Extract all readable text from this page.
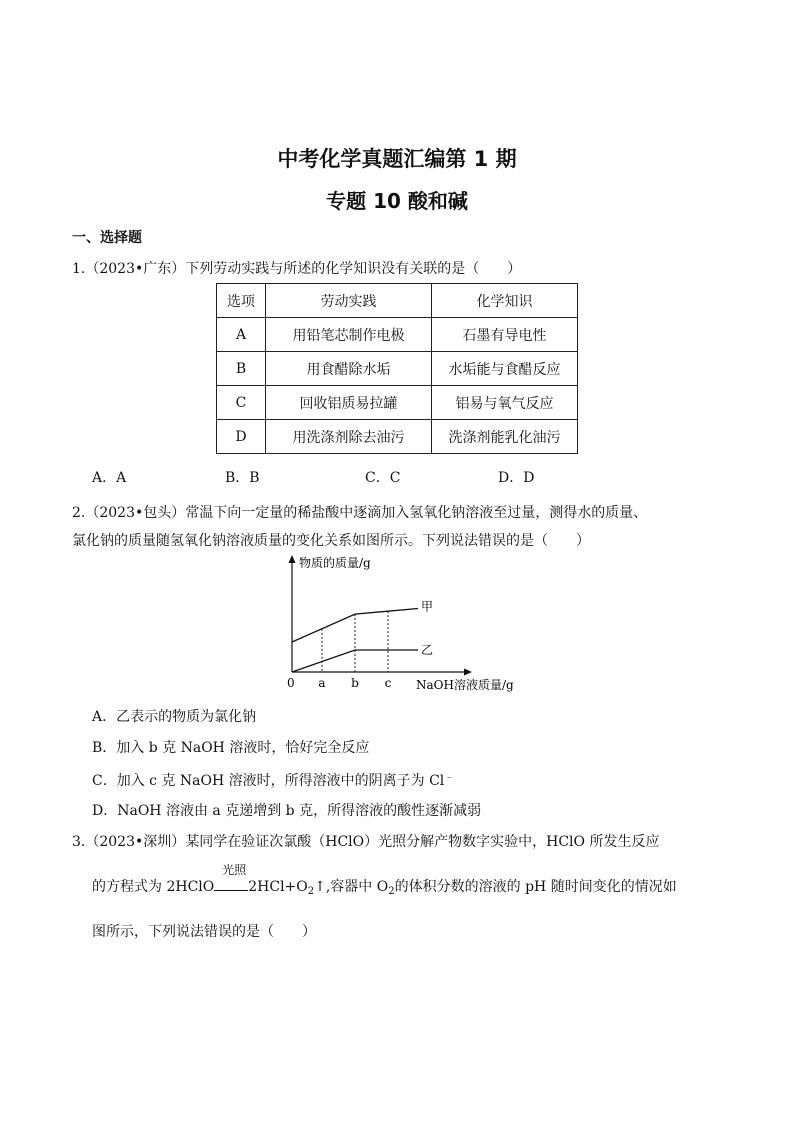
中考化学真题汇编第 1 期
专题 10 酸和碱
一、选择题
1.（2023•广东）下列劳动实践与所述的化学知识没有关联的是（　　）
选项	劳动实践	化学知识
A	用铅笔芯制作电极	石墨有导电性
B	用食醋除水垢	水垢能与食醋反应
C	回收铝质易拉罐	铝易与氧气反应
D	用洗涤剂除去油污	洗涤剂能乳化油污
A．A	B．B	C．C	D．D
2.（2023•包头）常温下向一定量的稀盐酸中逐滴加入氢氧化钠溶液至过量，测得水的质量、
氯化钠的质量随氢氧化钠溶液质量的变化关系如图所示。下列说法错误的是（　　）
物质的质量/g
NaOH溶液质量/g
甲
乙
0 a b c
A．乙表示的物质为氯化钠
B．加入 b 克 NaOH 溶液时，恰好完全反应
C．加入 c 克 NaOH 溶液时，所得溶液中的阴离子为 Cl﹣
D．NaOH 溶液由 a 克递增到 b 克，所得溶液的酸性逐渐减弱
3.（2023•深圳）某同学在验证次氯酸（HClO）光照分解产物数字实验中，HClO 所发生反应
的方程式为 2HClO
光照
$2HCl+O_2↑$,容器中 $O_2$的体积分数的溶液的 pH 随时间变化的情况如
图所示，下列说法错误的是（　　）
